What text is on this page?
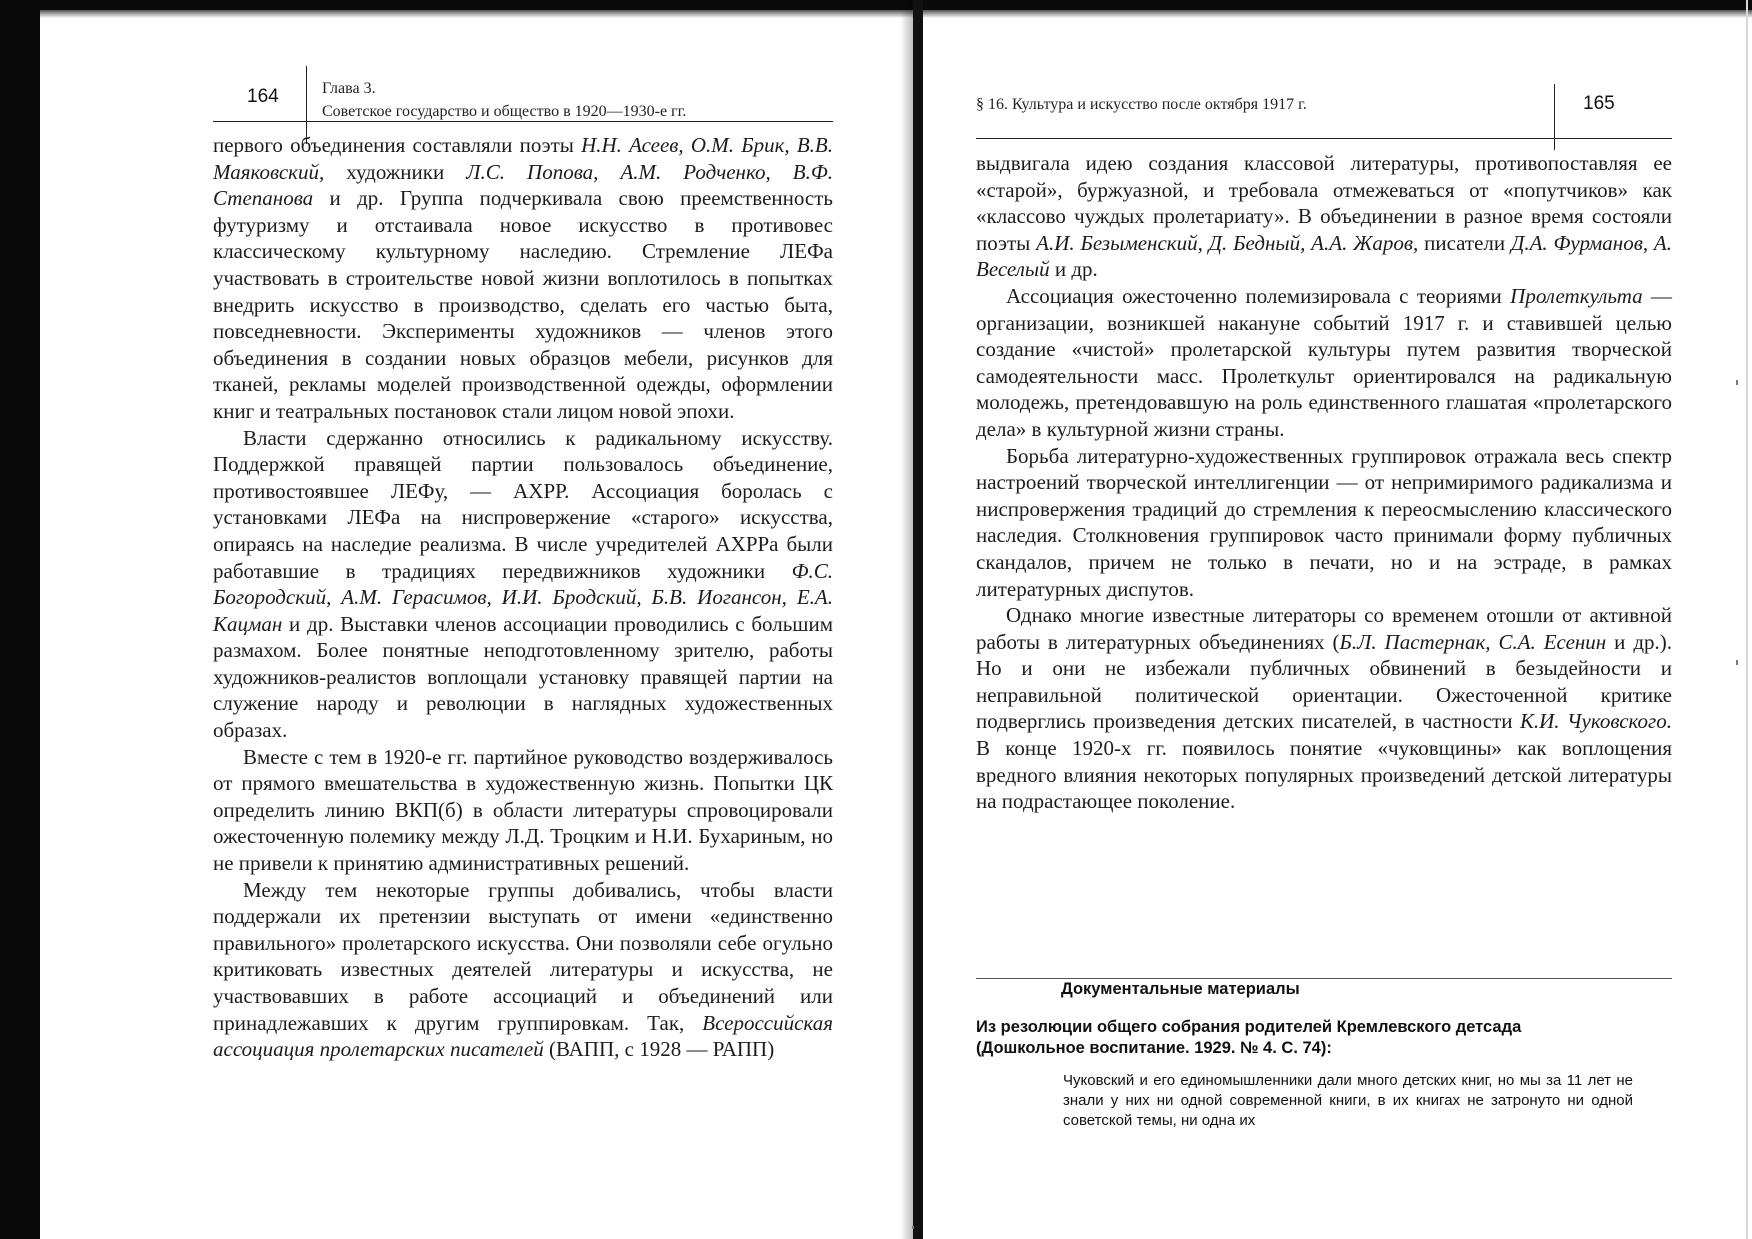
164	Глава 3.
Советское государство и общество в 1920—1930-е гг.

первого объединения составляли поэты Н.Н. Асеев, О.М. Брик, В.В. Маяковский, художники Л.С. Попова, А.М. Родченко, В.Ф. Степанова и др. Группа подчеркивала свою преемственность футуризму и отстаивала новое искусство в противовес классическому культурному наследию. Стремление ЛЕФа участвовать в строительстве новой жизни воплотилось в попытках внедрить искусство в производство, сделать его частью быта, повседневности. Эксперименты художников — членов этого объединения в создании новых образцов мебели, рисунков для тканей, рекламы моделей производственной одежды, оформлении книг и театральных постановок стали лицом новой эпохи.

Власти сдержанно относились к радикальному искусству. Поддержкой правящей партии пользовалось объединение, противостоявшее ЛЕФу, — АХРР. Ассоциация боролась с установками ЛЕФа на ниспровержение «старого» искусства, опираясь на наследие реализма. В числе учредителей АХРРа были работавшие в традициях передвижников художники Ф.С. Богородский, А.М. Герасимов, И.И. Бродский, Б.В. Иогансон, Е.А. Кацман и др. Выставки членов ассоциации проводились с большим размахом. Более понятные неподготовленному зрителю, работы художников-реалистов воплощали установку правящей партии на служение народу и революции в наглядных художественных образах.

Вместе с тем в 1920-е гг. партийное руководство воздерживалось от прямого вмешательства в художественную жизнь. Попытки ЦК определить линию ВКП(б) в области литературы спровоцировали ожесточенную полемику между Л.Д. Троцким и Н.И. Бухариным, но не привели к принятию административных решений.

Между тем некоторые группы добивались, чтобы власти поддержали их претензии выступать от имени «единственно правильного» пролетарского искусства. Они позволяли себе огульно критиковать известных деятелей литературы и искусства, не участвовавших в работе ассоциаций и объединений или принадлежавших к другим группировкам. Так, Всероссийская ассоциация пролетарских писателей (ВАПП, с 1928 — РАПП)

§ 16. Культура и искусство после октября 1917 г.	165

выдвигала идею создания классовой литературы, противопоставляя ее «старой», буржуазной, и требовала отмежеваться от «попутчиков» как «классово чуждых пролетариату». В объединении в разное время состояли поэты А.И. Безыменский, Д. Бедный, А.А. Жаров, писатели Д.А. Фурманов, А. Веселый и др.

Ассоциация ожесточенно полемизировала с теориями Пролеткульта — организации, возникшей накануне событий 1917 г. и ставившей целью создание «чистой» пролетарской культуры путем развития творческой самодеятельности масс. Пролеткульт ориентировался на радикальную молодежь, претендовавшую на роль единственного глашатая «пролетарского дела» в культурной жизни страны.

Борьба литературно-художественных группировок отражала весь спектр настроений творческой интеллигенции — от непримиримого радикализма и ниспровержения традиций до стремления к переосмыслению классического наследия. Столкновения группировок часто принимали форму публичных скандалов, причем не только в печати, но и на эстраде, в рамках литературных диспутов.

Однако многие известные литераторы со временем отошли от активной работы в литературных объединениях (Б.Л. Пастернак, С.А. Есенин и др.). Но и они не избежали публичных обвинений в безыдейности и неправильной политической ориентации. Ожесточенной критике подверглись произведения детских писателей, в частности К.И. Чуковского. В конце 1920-х гг. появилось понятие «чуковщины» как воплощения вредного влияния некоторых популярных произведений детской литературы на подрастающее поколение.

Документальные материалы
Из резолюции общего собрания родителей Кремлевского детсада (Дошкольное воспитание. 1929. № 4. С. 74):
Чуковский и его единомышленники дали много детских книг, но мы за 11 лет не знали у них ни одной современной книги, в их книгах не затронуто ни одной советской темы, ни одна их
